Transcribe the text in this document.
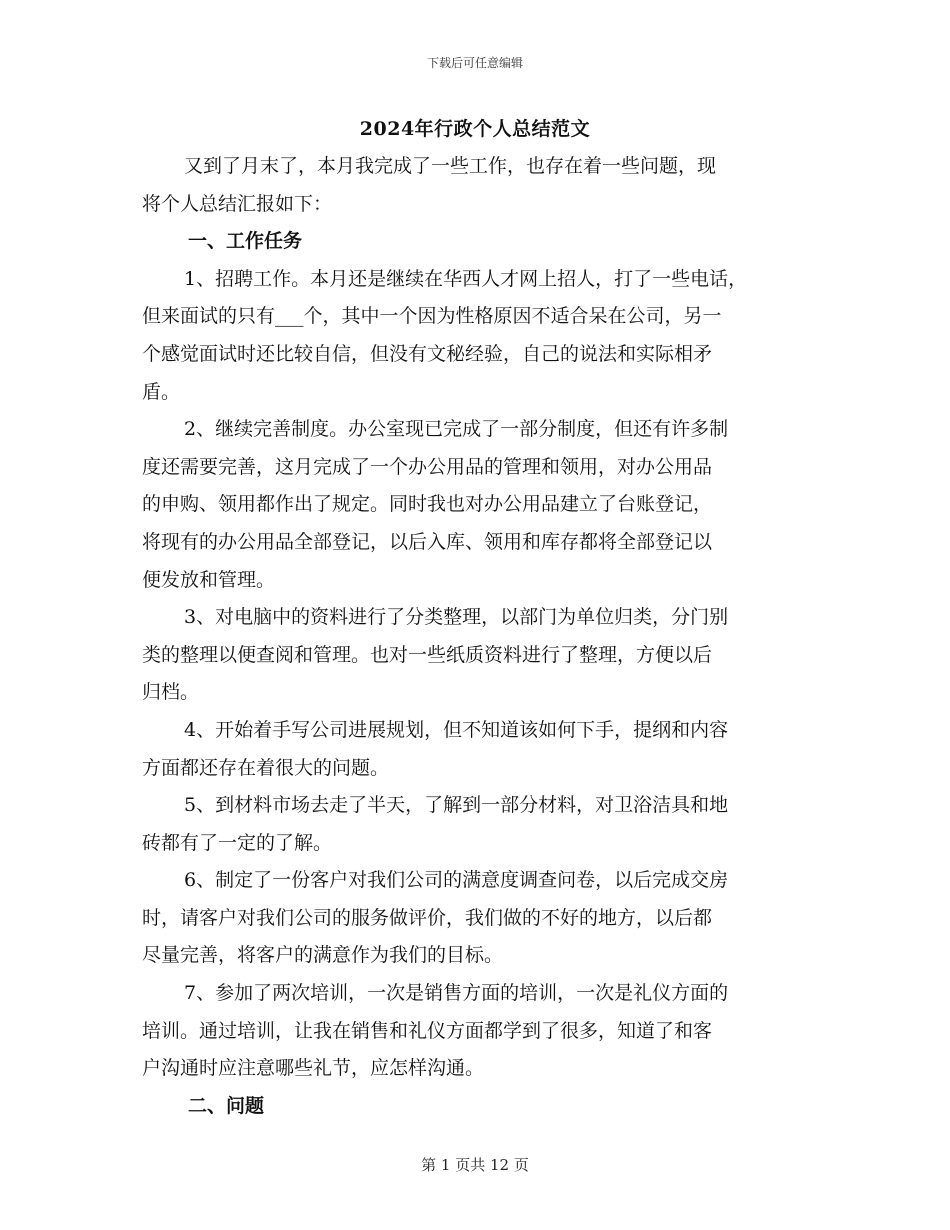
下载后可任意编辑
2024年行政个人总结范文
又到了月末了，本月我完成了一些工作，也存在着一些问题，现
将个人总结汇报如下：
一、工作任务
1、招聘工作。本月还是继续在华西人才网上招人，打了一些电话，
但来面试的只有___个，其中一个因为性格原因不适合呆在公司，另一
个感觉面试时还比较自信，但没有文秘经验，自己的说法和实际相矛
盾。
2、继续完善制度。办公室现已完成了一部分制度，但还有许多制
度还需要完善，这月完成了一个办公用品的管理和领用，对办公用品
的申购、领用都作出了规定。同时我也对办公用品建立了台账登记，
将现有的办公用品全部登记，以后入库、领用和库存都将全部登记以
便发放和管理。
3、对电脑中的资料进行了分类整理，以部门为单位归类，分门别
类的整理以便查阅和管理。也对一些纸质资料进行了整理，方便以后
归档。
4、开始着手写公司进展规划，但不知道该如何下手，提纲和内容
方面都还存在着很大的问题。
5、到材料市场去走了半天，了解到一部分材料，对卫浴洁具和地
砖都有了一定的了解。
6、制定了一份客户对我们公司的满意度调查问卷，以后完成交房
时，请客户对我们公司的服务做评价，我们做的不好的地方，以后都
尽量完善，将客户的满意作为我们的目标。
7、参加了两次培训，一次是销售方面的培训，一次是礼仪方面的
培训。通过培训，让我在销售和礼仪方面都学到了很多，知道了和客
户沟通时应注意哪些礼节，应怎样沟通。
二、问题
第 1 页共 12 页
